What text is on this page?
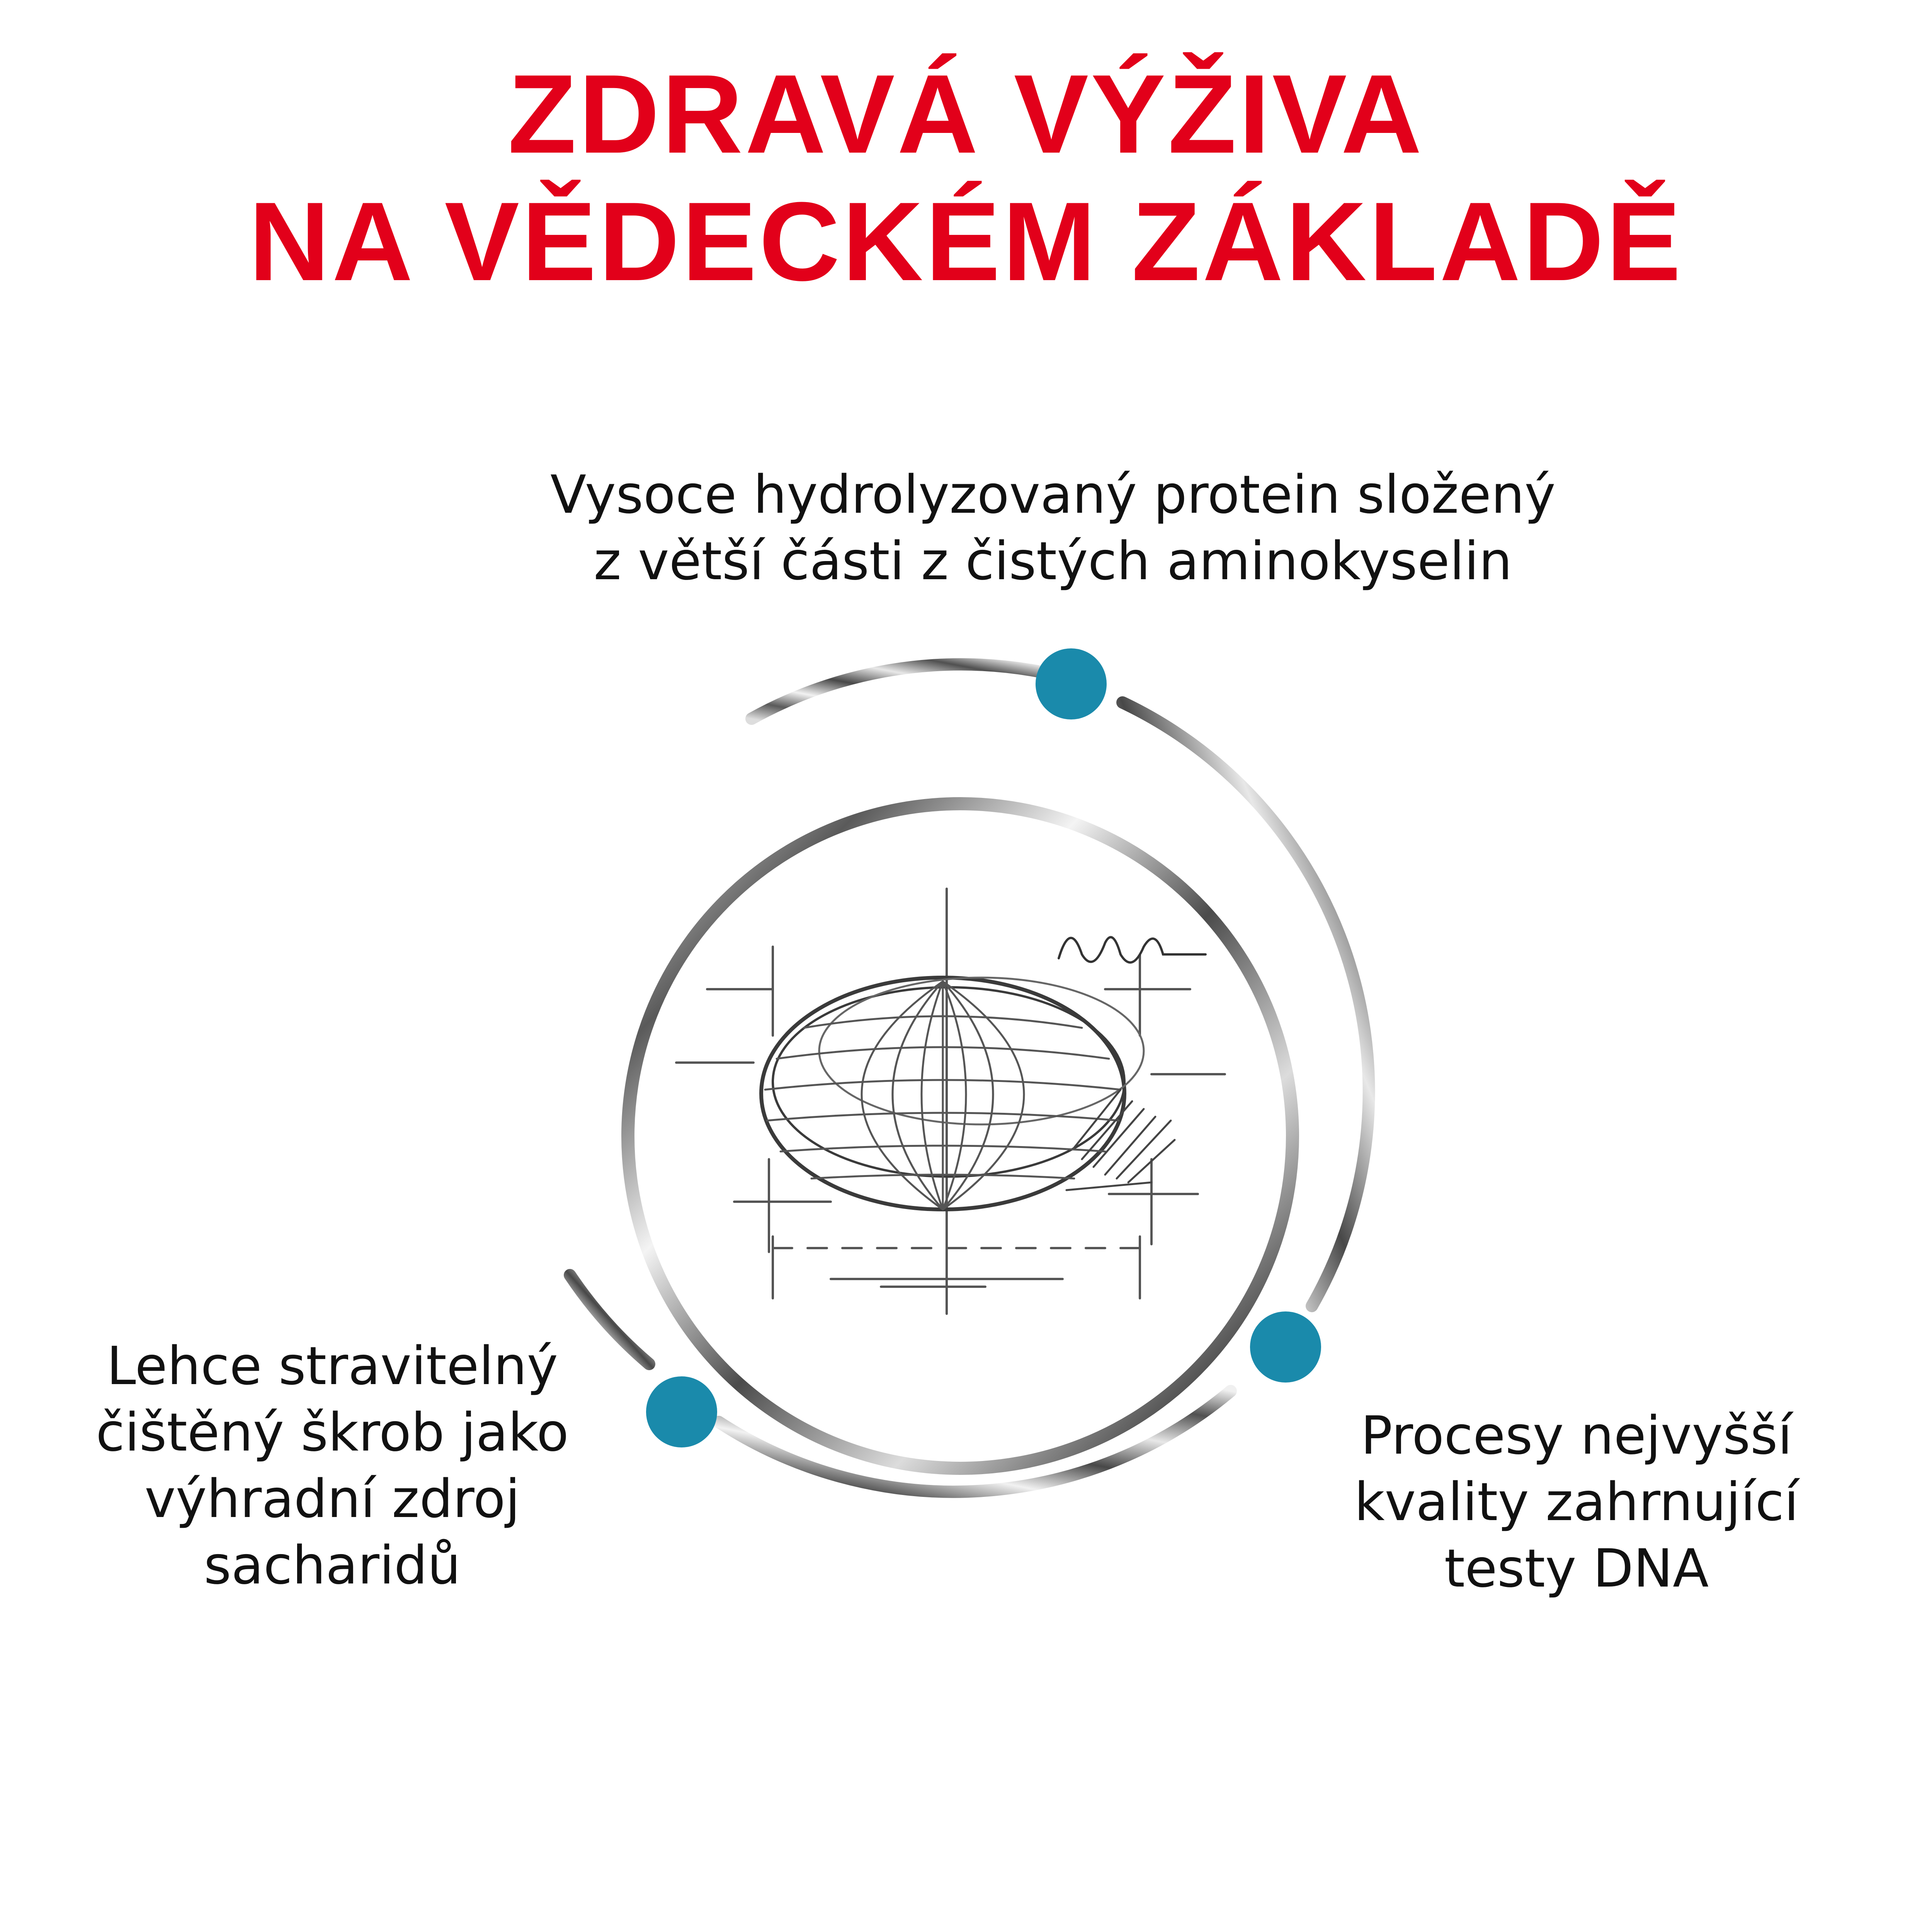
ZDRAVÁ VÝŽIVA
NA VĚDECKÉM ZÁKLADĚ
Vysoce hydrolyzovaný protein složený
z větší části z čistých aminokyselin
Lehce stravitelný
čištěný škrob jako
výhradní zdroj
sacharidů
Procesy nejvyšší
kvality zahrnující
testy DNA
